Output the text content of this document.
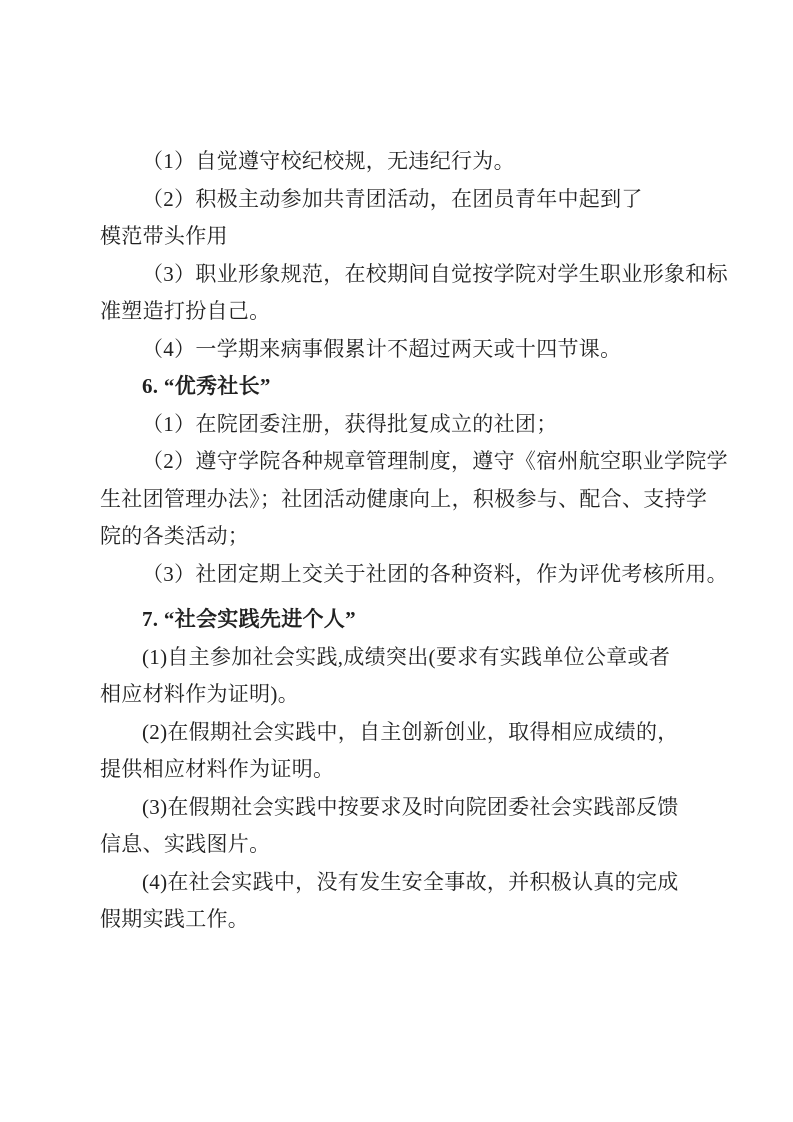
（1）自觉遵守校纪校规，无违纪行为。
（2）积极主动参加共青团活动，在团员青年中起到了
模范带头作用
（3）职业形象规范，在校期间自觉按学院对学生职业形象和标
准塑造打扮自己。
（4）一学期来病事假累计不超过两天或十四节课。
6. “优秀社长”
（1）在院团委注册，获得批复成立的社团；
（2）遵守学院各种规章管理制度，遵守《宿州航空职业学院学
生社团管理办法》；社团活动健康向上，积极参与、配合、支持学
院的各类活动；
（3）社团定期上交关于社团的各种资料，作为评优考核所用。
7. “社会实践先进个人”
(1)自主参加社会实践,成绩突出(要求有实践单位公章或者
相应材料作为证明)。
(2)在假期社会实践中，自主创新创业，取得相应成绩的，
提供相应材料作为证明。
(3)在假期社会实践中按要求及时向院团委社会实践部反馈
信息、实践图片。
(4)在社会实践中，没有发生安全事故，并积极认真的完成
假期实践工作。
